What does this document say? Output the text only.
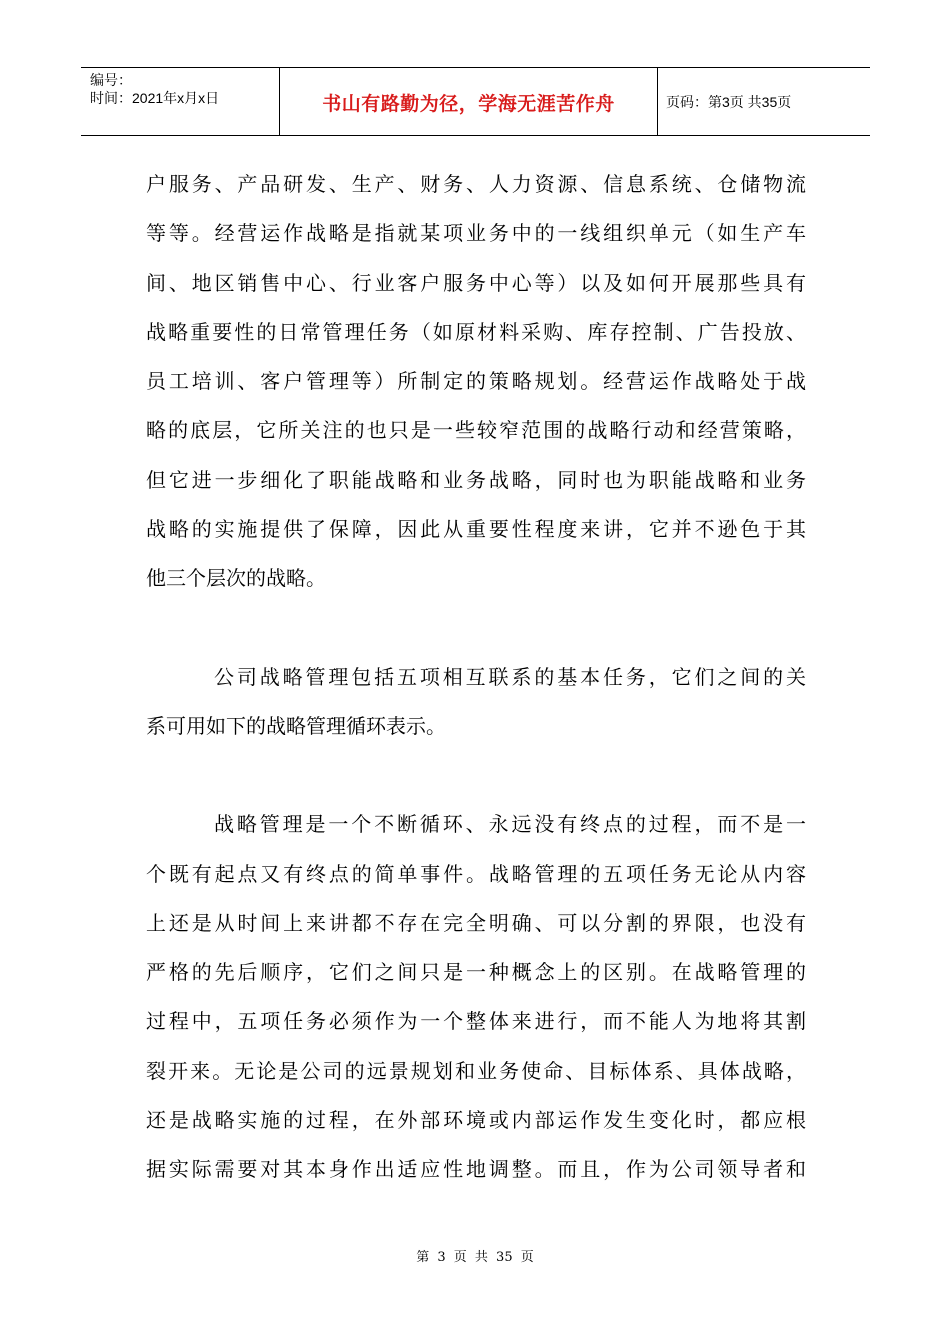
编号：
时间：2021年x月x日	书山有路勤为径，学海无涯苦作舟	页码：第3页 共35页

户服务、产品研发、生产、财务、人力资源、信息系统、仓储物流
等等。经营运作战略是指就某项业务中的一线组织单元（如生产车
间、地区销售中心、行业客户服务中心等）以及如何开展那些具有
战略重要性的日常管理任务（如原材料采购、库存控制、广告投放、
员工培训、客户管理等）所制定的策略规划。经营运作战略处于战
略的底层，它所关注的也只是一些较窄范围的战略行动和经营策略，
但它进一步细化了职能战略和业务战略，同时也为职能战略和业务
战略的实施提供了保障，因此从重要性程度来讲，它并不逊色于其
他三个层次的战略。

公司战略管理包括五项相互联系的基本任务，它们之间的关
系可用如下的战略管理循环表示。

战略管理是一个不断循环、永远没有终点的过程，而不是一
个既有起点又有终点的简单事件。战略管理的五项任务无论从内容
上还是从时间上来讲都不存在完全明确、可以分割的界限，也没有
严格的先后顺序，它们之间只是一种概念上的区别。在战略管理的
过程中，五项任务必须作为一个整体来进行，而不能人为地将其割
裂开来。无论是公司的远景规划和业务使命、目标体系、具体战略，
还是战略实施的过程，在外部环境或内部运作发生变化时，都应根
据实际需要对其本身作出适应性地调整。而且，作为公司领导者和

第 3 页 共 35 页
